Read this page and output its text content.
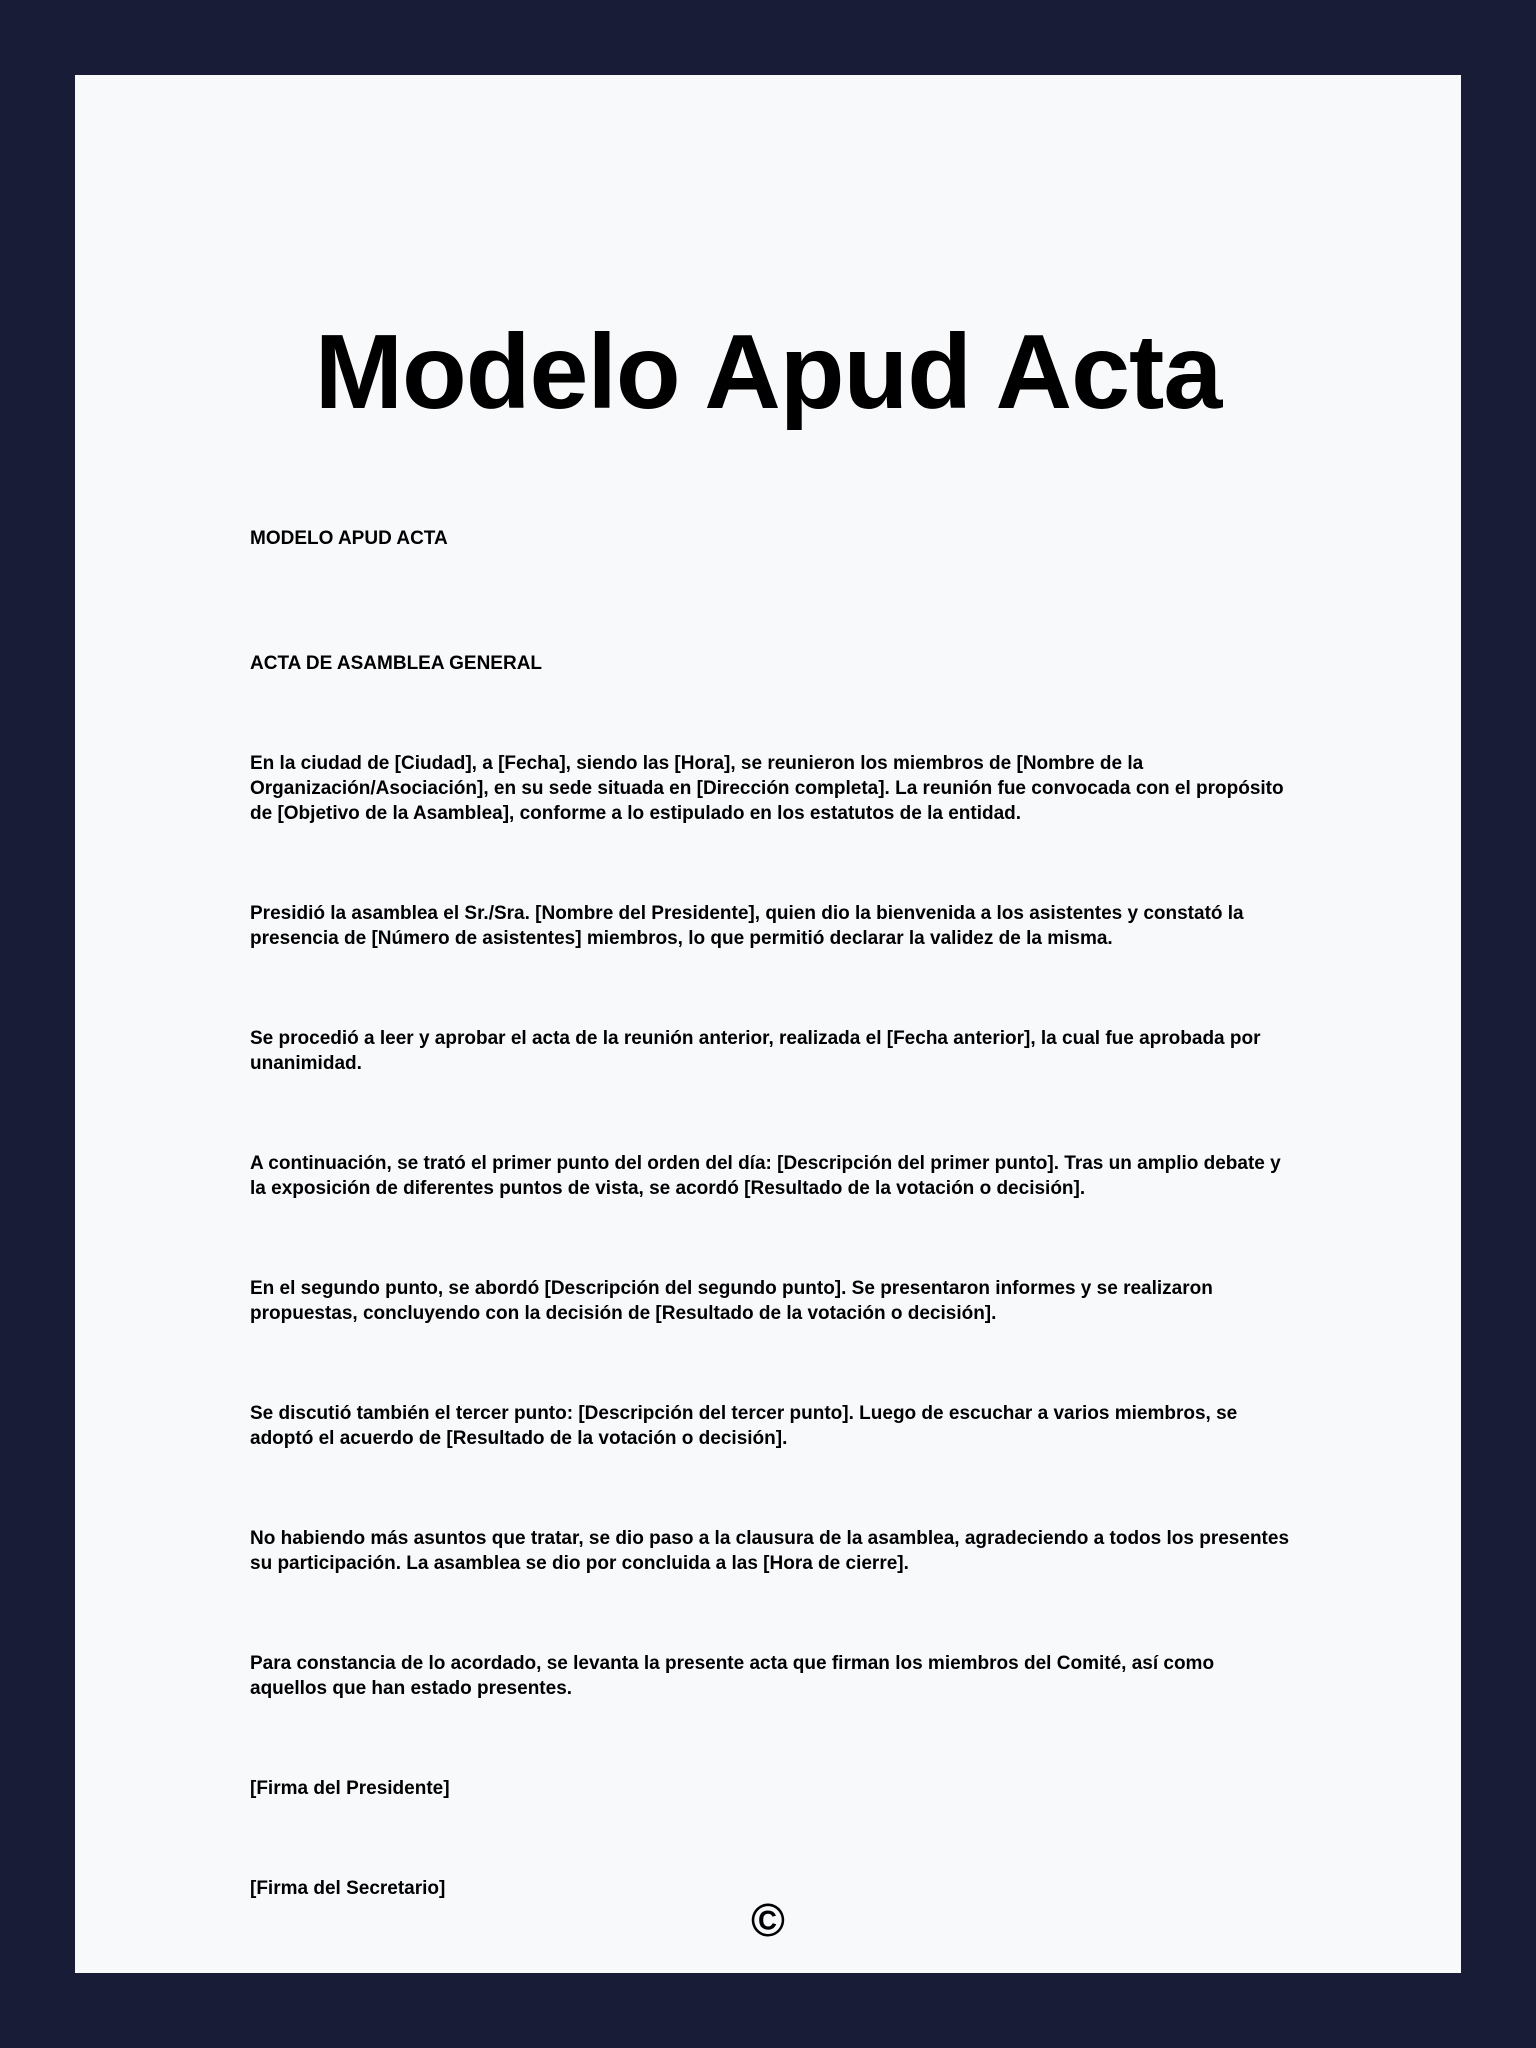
Modelo Apud Acta

MODELO APUD ACTA

ACTA DE ASAMBLEA GENERAL

En la ciudad de [Ciudad], a [Fecha], siendo las [Hora], se reunieron los miembros de [Nombre de la Organización/Asociación], en su sede situada en [Dirección completa]. La reunión fue convocada con el propósito de [Objetivo de la Asamblea], conforme a lo estipulado en los estatutos de la entidad.

Presidió la asamblea el Sr./Sra. [Nombre del Presidente], quien dio la bienvenida a los asistentes y constató la presencia de [Número de asistentes] miembros, lo que permitió declarar la validez de la misma.

Se procedió a leer y aprobar el acta de la reunión anterior, realizada el [Fecha anterior], la cual fue aprobada por unanimidad.

A continuación, se trató el primer punto del orden del día: [Descripción del primer punto]. Tras un amplio debate y la exposición de diferentes puntos de vista, se acordó [Resultado de la votación o decisión].

En el segundo punto, se abordó [Descripción del segundo punto]. Se presentaron informes y se realizaron propuestas, concluyendo con la decisión de [Resultado de la votación o decisión].

Se discutió también el tercer punto: [Descripción del tercer punto]. Luego de escuchar a varios miembros, se adoptó el acuerdo de [Resultado de la votación o decisión].

No habiendo más asuntos que tratar, se dio paso a la clausura de la asamblea, agradeciendo a todos los presentes su participación. La asamblea se dio por concluida a las [Hora de cierre].

Para constancia de lo acordado, se levanta la presente acta que firman los miembros del Comité, así como aquellos que han estado presentes.

[Firma del Presidente]

[Firma del Secretario]

©
